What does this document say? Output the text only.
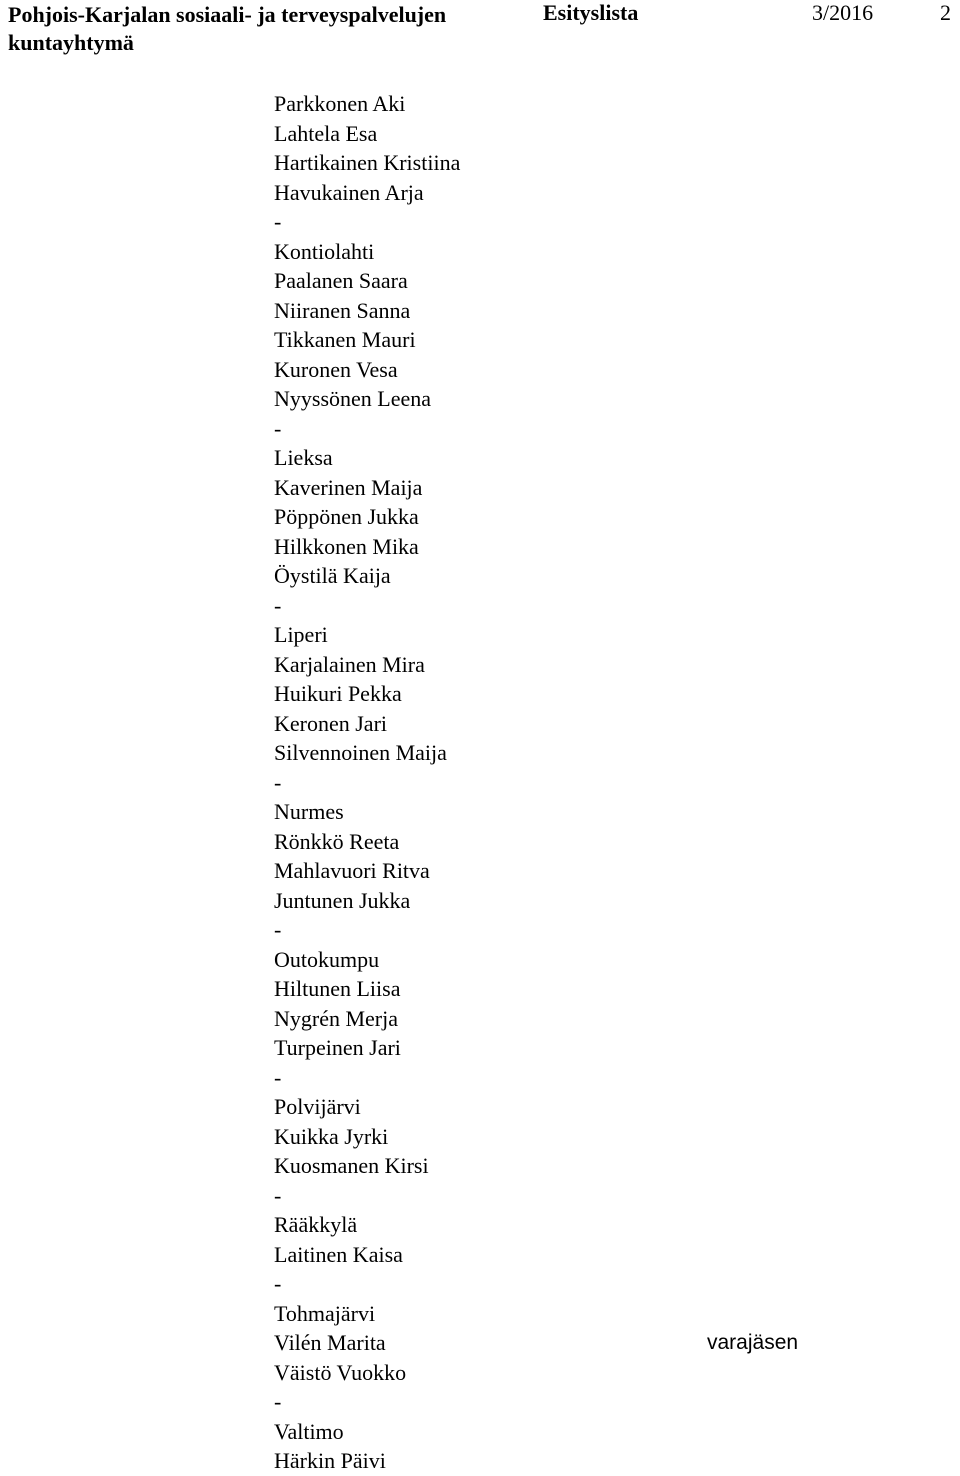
Pohjois-Karjalan sosiaali- ja terveyspalvelujen kuntayhtymä
Esityslista	3/2016	2
Parkkonen Aki
Lahtela Esa
Hartikainen Kristiina
Havukainen Arja
-
Kontiolahti
Paalanen Saara
Niiranen Sanna
Tikkanen Mauri
Kuronen Vesa
Nyyssönen Leena
-
Lieksa
Kaverinen Maija
Pöppönen Jukka
Hilkkonen Mika
Öystilä Kaija
-
Liperi
Karjalainen Mira
Huikuri Pekka
Keronen Jari
Silvennoinen Maija
-
Nurmes
Rönkkö Reeta
Mahlavuori Ritva
Juntunen Jukka
-
Outokumpu
Hiltunen Liisa
Nygrén Merja
Turpeinen Jari
-
Polvijärvi
Kuikka Jyrki
Kuosmanen Kirsi
-
Rääkkylä
Laitinen Kaisa
-
Tohmajärvi
Vilén Marita	varajäsen
Väistö Vuokko
-
Valtimo
Härkin Päivi
